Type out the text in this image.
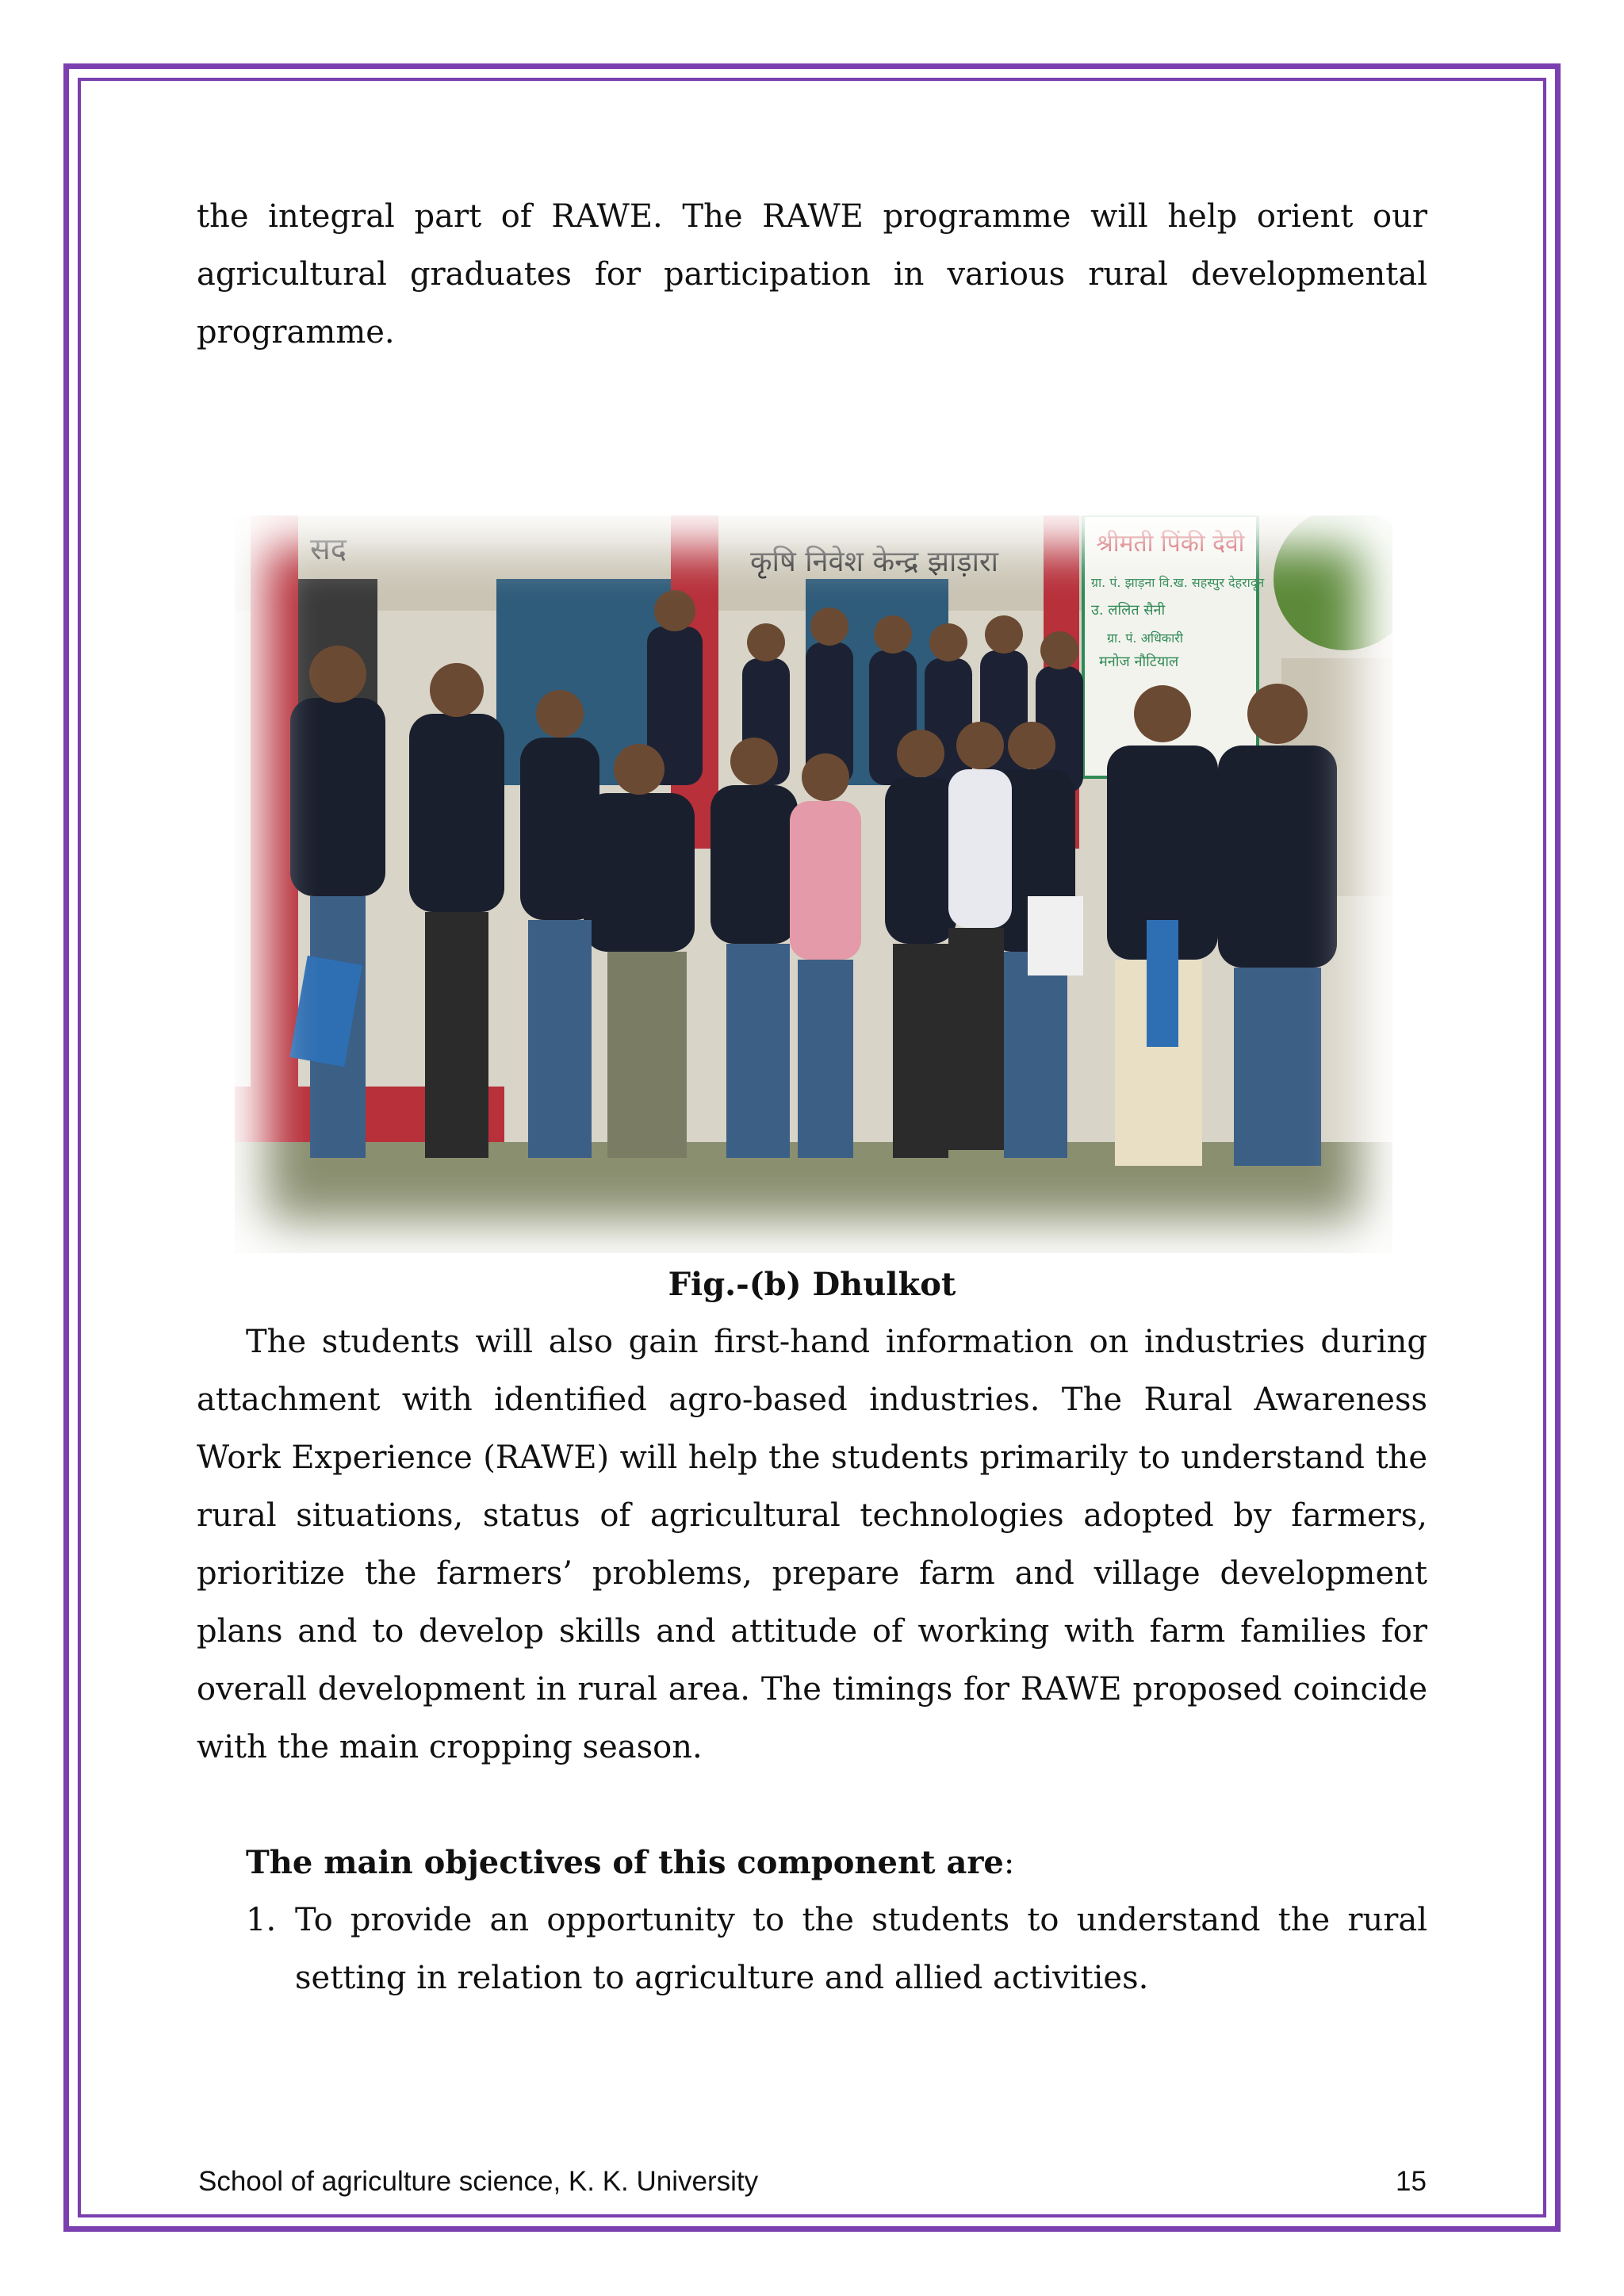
the integral part of RAWE. The RAWE programme will help orient our agricultural graduates for participation in various rural developmental programme.

श्रीमती पिंकी देवी
ग्रा. पं. झाड़ना वि.ख. सहस्पुर देहरादून
उ. ललित सैनी
ग्रा. पं. अधिकारी
मनोज नौटियाल
कृषि निवेश केन्द्र झाड़ारा
सद
Fig.-(b) Dhulkot

The students will also gain first-hand information on industries during attachment with identified agro-based industries. The Rural Awareness Work Experience (RAWE) will help the students primarily to understand the rural situations, status of agricultural technologies adopted by farmers, prioritize the farmers’ problems, prepare farm and village development plans and to develop skills and attitude of working with farm families for overall development in rural area. The timings for RAWE proposed coincide with the main cropping season.

The main objectives of this component are:
1. To provide an opportunity to the students to understand the rural setting in relation to agriculture and allied activities.
School of agriculture science, K. K. University	15
